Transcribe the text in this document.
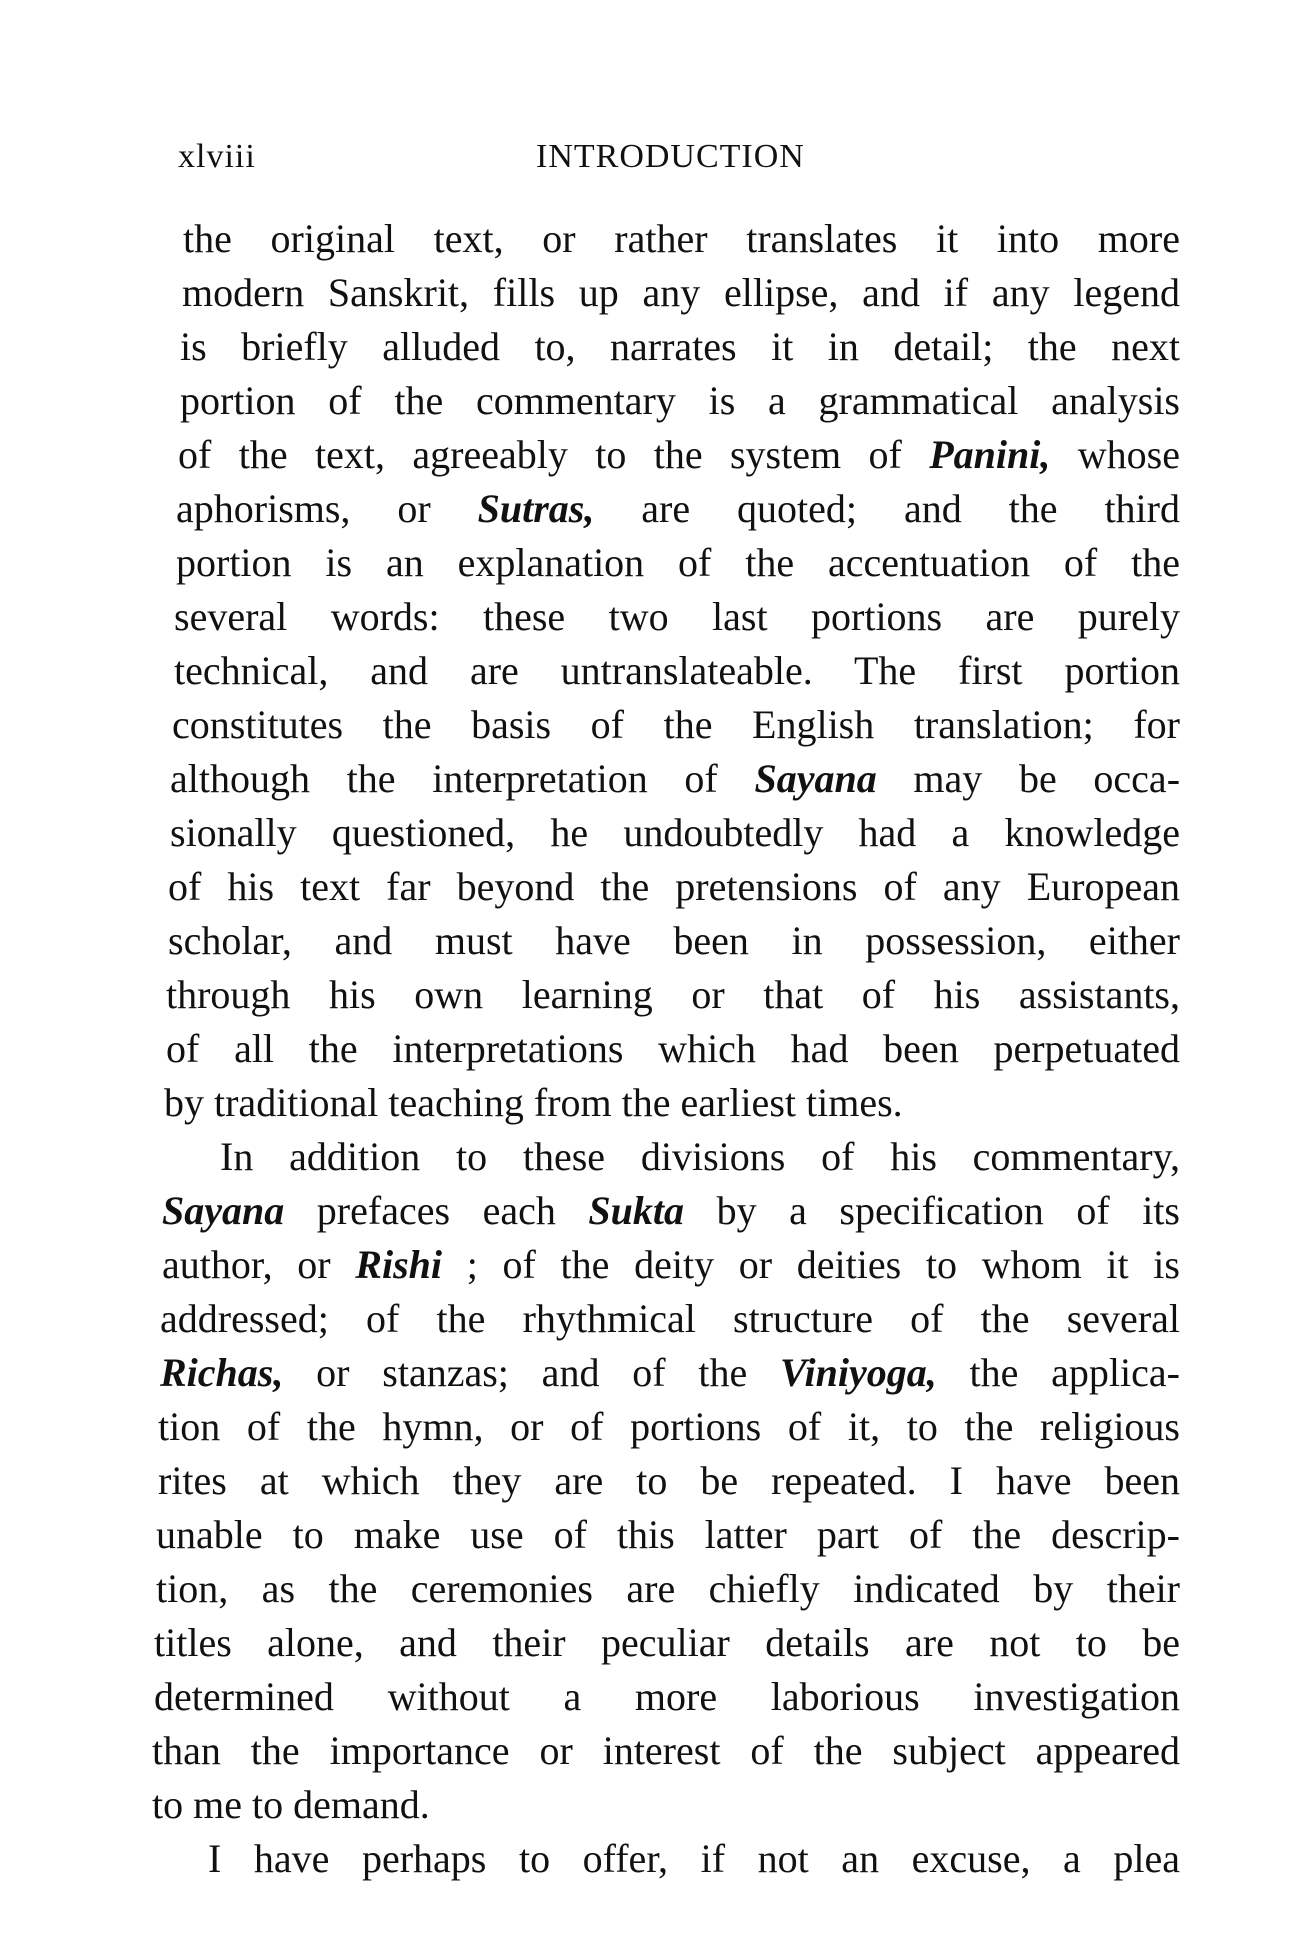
xlviii	INTRODUCTION
the original text, or rather translates it into more
modern Sanskrit, fills up any ellipse, and if any legend
is briefly alluded to, narrates it in detail; the next
portion of the commentary is a grammatical analysis
of the text, agreeably to the system of Panini, whose
aphorisms, or Sutras, are quoted; and the third
portion is an explanation of the accentuation of the
several words: these two last portions are purely
technical, and are untranslateable. The first portion
constitutes the basis of the English translation; for
although the interpretation of Sayana may be occa-
sionally questioned, he undoubtedly had a knowledge
of his text far beyond the pretensions of any European
scholar, and must have been in possession, either
through his own learning or that of his assistants,
of all the interpretations which had been perpetuated
by traditional teaching from the earliest times.
In addition to these divisions of his commentary,
Sayana prefaces each Sukta by a specification of its
author, or Rishi ; of the deity or deities to whom it is
addressed; of the rhythmical structure of the several
Richas, or stanzas; and of the Viniyoga, the applica-
tion of the hymn, or of portions of it, to the religious
rites at which they are to be repeated. I have been
unable to make use of this latter part of the descrip-
tion, as the ceremonies are chiefly indicated by their
titles alone, and their peculiar details are not to be
determined without a more laborious investigation
than the importance or interest of the subject appeared
to me to demand.
I have perhaps to offer, if not an excuse, a plea
